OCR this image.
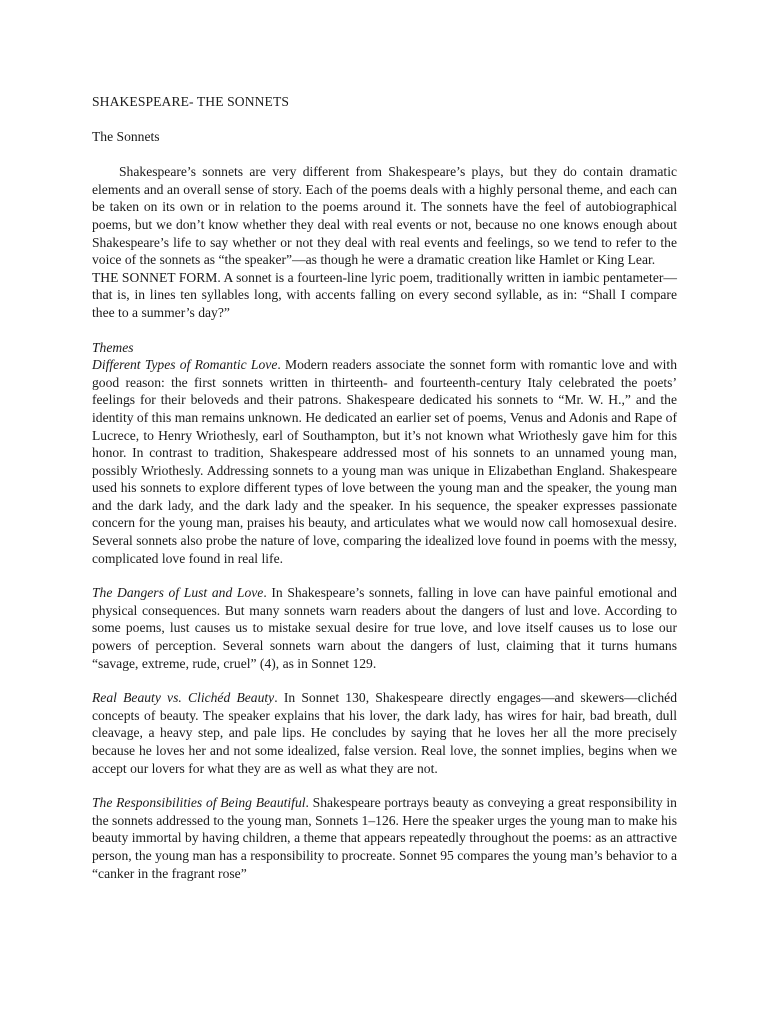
SHAKESPEARE- THE SONNETS
The Sonnets

Shakespeare’s sonnets are very different from Shakespeare’s plays, but they do contain dramatic elements and an overall sense of story. Each of the poems deals with a highly personal theme, and each can be taken on its own or in relation to the poems around it. The sonnets have the feel of autobiographical poems, but we don’t know whether they deal with real events or not, because no one knows enough about Shakespeare’s life to say whether or not they deal with real events and feelings, so we tend to refer to the voice of the sonnets as “the speaker”—as though he were a dramatic creation like Hamlet or King Lear.

THE SONNET FORM. A sonnet is a fourteen-line lyric poem, traditionally written in iambic pentameter—that is, in lines ten syllables long, with accents falling on every second syllable, as in: “Shall I compare thee to a summer’s day?”

Themes

Different Types of Romantic Love. Modern readers associate the sonnet form with romantic love and with good reason: the first sonnets written in thirteenth- and fourteenth-century Italy celebrated the poets’ feelings for their beloveds and their patrons. Shakespeare dedicated his sonnets to “Mr. W. H.,” and the identity of this man remains unknown. He dedicated an earlier set of poems, Venus and Adonis and Rape of Lucrece, to Henry Wriothesly, earl of Southampton, but it’s not known what Wriothesly gave him for this honor. In contrast to tradition, Shakespeare addressed most of his sonnets to an unnamed young man, possibly Wriothesly. Addressing sonnets to a young man was unique in Elizabethan England. Shakespeare used his sonnets to explore different types of love between the young man and the speaker, the young man and the dark lady, and the dark lady and the speaker. In his sequence, the speaker expresses passionate concern for the young man, praises his beauty, and articulates what we would now call homosexual desire. Several sonnets also probe the nature of love, comparing the idealized love found in poems with the messy, complicated love found in real life.

The Dangers of Lust and Love. In Shakespeare’s sonnets, falling in love can have painful emotional and physical consequences. But many sonnets warn readers about the dangers of lust and love. According to some poems, lust causes us to mistake sexual desire for true love, and love itself causes us to lose our powers of perception. Several sonnets warn about the dangers of lust, claiming that it turns humans “savage, extreme, rude, cruel” (4), as in Sonnet 129.

Real Beauty vs. Clichéd Beauty. In Sonnet 130, Shakespeare directly engages—and skewers—clichéd concepts of beauty. The speaker explains that his lover, the dark lady, has wires for hair, bad breath, dull cleavage, a heavy step, and pale lips. He concludes by saying that he loves her all the more precisely because he loves her and not some idealized, false version. Real love, the sonnet implies, begins when we accept our lovers for what they are as well as what they are not.

The Responsibilities of Being Beautiful. Shakespeare portrays beauty as conveying a great responsibility in the sonnets addressed to the young man, Sonnets 1–126. Here the speaker urges the young man to make his beauty immortal by having children, a theme that appears repeatedly throughout the poems: as an attractive person, the young man has a responsibility to procreate. Sonnet 95 compares the young man’s behavior to a “canker in the fragrant rose”
